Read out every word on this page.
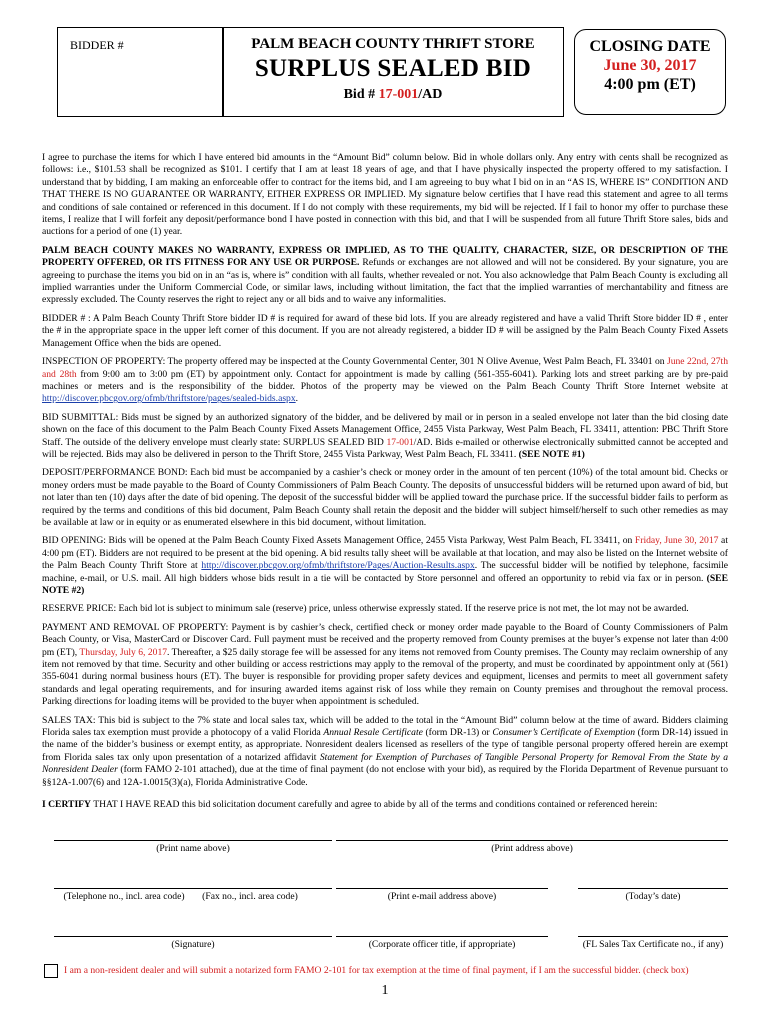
BIDDER #	PALM BEACH COUNTY THRIFT STORE
SURPLUS SEALED BID
Bid # 17-001/AD
CLOSING DATE
June 30, 2017
4:00 pm (ET)

I agree to purchase the items for which I have entered bid amounts in the “Amount Bid” column below. Bid in whole dollars only. Any entry with cents shall be recognized as follows: i.e., $101.53 shall be recognized as $101. I certify that I am at least 18 years of age, and that I have physically inspected the property offered to my satisfaction. I understand that by bidding, I am making an enforceable offer to contract for the items bid, and I am agreeing to buy what I bid on in an “AS IS, WHERE IS” CONDITION AND THAT THERE IS NO GUARANTEE OR WARRANTY, EITHER EXPRESS OR IMPLIED. My signature below certifies that I have read this statement and agree to all terms and conditions of sale contained or referenced in this document. If I do not comply with these requirements, my bid will be rejected. If I fail to honor my offer to purchase these items, I realize that I will forfeit any deposit/performance bond I have posted in connection with this bid, and that I will be suspended from all future Thrift Store sales, bids and auctions for a period of one (1) year.

PALM BEACH COUNTY MAKES NO WARRANTY, EXPRESS OR IMPLIED, AS TO THE QUALITY, CHARACTER, SIZE, OR DESCRIPTION OF THE PROPERTY OFFERED, OR ITS FITNESS FOR ANY USE OR PURPOSE. Refunds or exchanges are not allowed and will not be considered. By your signature, you are agreeing to purchase the items you bid on in an “as is, where is” condition with all faults, whether revealed or not. You also acknowledge that Palm Beach County is excluding all implied warranties under the Uniform Commercial Code, or similar laws, including without limitation, the fact that the implied warranties of merchantability and fitness are expressly excluded. The County reserves the right to reject any or all bids and to waive any informalities.

BIDDER # : A Palm Beach County Thrift Store bidder ID # is required for award of these bid lots. If you are already registered and have a valid Thrift Store bidder ID # , enter the # in the appropriate space in the upper left corner of this document. If you are not already registered, a bidder ID # will be assigned by the Palm Beach County Fixed Assets Management Office when the bids are opened.

INSPECTION OF PROPERTY: The property offered may be inspected at the County Governmental Center, 301 N Olive Avenue, West Palm Beach, FL 33401 on June 22nd, 27th and 28th from 9:00 am to 3:00 pm (ET) by appointment only. Contact for appointment is made by calling (561-355-6041). Parking lots and street parking are by pre-paid machines or meters and is the responsibility of the bidder. Photos of the property may be viewed on the Palm Beach County Thrift Store Internet website at http://discover.pbcgov.org/ofmb/thriftstore/pages/sealed-bids.aspx.

BID SUBMITTAL: Bids must be signed by an authorized signatory of the bidder, and be delivered by mail or in person in a sealed envelope not later than the bid closing date shown on the face of this document to the Palm Beach County Fixed Assets Management Office, 2455 Vista Parkway, West Palm Beach, FL 33411, attention: PBC Thrift Store Staff. The outside of the delivery envelope must clearly state: SURPLUS SEALED BID 17-001/AD. Bids e-mailed or otherwise electronically submitted cannot be accepted and will be rejected. Bids may also be delivered in person to the Thrift Store, 2455 Vista Parkway, West Palm Beach, FL 33411. (SEE NOTE #1)

DEPOSIT/PERFORMANCE BOND: Each bid must be accompanied by a cashier’s check or money order in the amount of ten percent (10%) of the total amount bid. Checks or money orders must be made payable to the Board of County Commissioners of Palm Beach County. The deposits of unsuccessful bidders will be returned upon award of bid, but not later than ten (10) days after the date of bid opening. The deposit of the successful bidder will be applied toward the purchase price. If the successful bidder fails to perform as required by the terms and conditions of this bid document, Palm Beach County shall retain the deposit and the bidder will subject himself/herself to such other remedies as may be available at law or in equity or as enumerated elsewhere in this bid document, without limitation.

BID OPENING: Bids will be opened at the Palm Beach County Fixed Assets Management Office, 2455 Vista Parkway, West Palm Beach, FL 33411, on Friday, June 30, 2017 at 4:00 pm (ET). Bidders are not required to be present at the bid opening. A bid results tally sheet will be available at that location, and may also be listed on the Internet website of the Palm Beach County Thrift Store at http://discover.pbcgov.org/ofmb/thriftstore/Pages/Auction-Results.aspx. The successful bidder will be notified by telephone, facsimile machine, e-mail, or U.S. mail. All high bidders whose bids result in a tie will be contacted by Store personnel and offered an opportunity to rebid via fax or in person. (SEE NOTE #2)

RESERVE PRICE: Each bid lot is subject to minimum sale (reserve) price, unless otherwise expressly stated. If the reserve price is not met, the lot may not be awarded.

PAYMENT AND REMOVAL OF PROPERTY: Payment is by cashier’s check, certified check or money order made payable to the Board of County Commissioners of Palm Beach County, or Visa, MasterCard or Discover Card. Full payment must be received and the property removed from County premises at the buyer’s expense not later than 4:00 pm (ET), Thursday, July 6, 2017. Thereafter, a $25 daily storage fee will be assessed for any items not removed from County premises. The County may reclaim ownership of any item not removed by that time. Security and other building or access restrictions may apply to the removal of the property, and must be coordinated by appointment only at (561) 355-6041 during normal business hours (ET). The buyer is responsible for providing proper safety devices and equipment, licenses and permits to meet all government safety standards and legal operating requirements, and for insuring awarded items against risk of loss while they remain on County premises and throughout the removal process. Parking directions for loading items will be provided to the buyer when appointment is scheduled.

SALES TAX: This bid is subject to the 7% state and local sales tax, which will be added to the total in the “Amount Bid” column below at the time of award. Bidders claiming Florida sales tax exemption must provide a photocopy of a valid Florida Annual Resale Certificate (form DR-13) or Consumer’s Certificate of Exemption (form DR-14) issued in the name of the bidder’s business or exempt entity, as appropriate. Nonresident dealers licensed as resellers of the type of tangible personal property offered herein are exempt from Florida sales tax only upon presentation of a notarized affidavit Statement for Exemption of Purchases of Tangible Personal Property for Removal From the State by a Nonresident Dealer (form FAMO 2-101 attached), due at the time of final payment (do not enclose with your bid), as required by the Florida Department of Revenue pursuant to §§12A-1.007(6) and 12A-1.0015(3)(a), Florida Administrative Code.

I CERTIFY THAT I HAVE READ this bid solicitation document carefully and agree to abide by all of the terms and conditions contained or referenced herein:
(Print name above)	(Print address above)
(Telephone no., incl. area code)	(Fax no., incl. area code)	(Print e-mail address above)	(Today’s date)
(Signature)	(Corporate officer title, if appropriate)	(FL Sales Tax Certificate no., if any)
I am a non-resident dealer and will submit a notarized form FAMO 2-101 for tax exemption at the time of final payment, if I am the successful bidder. (check box)
1
